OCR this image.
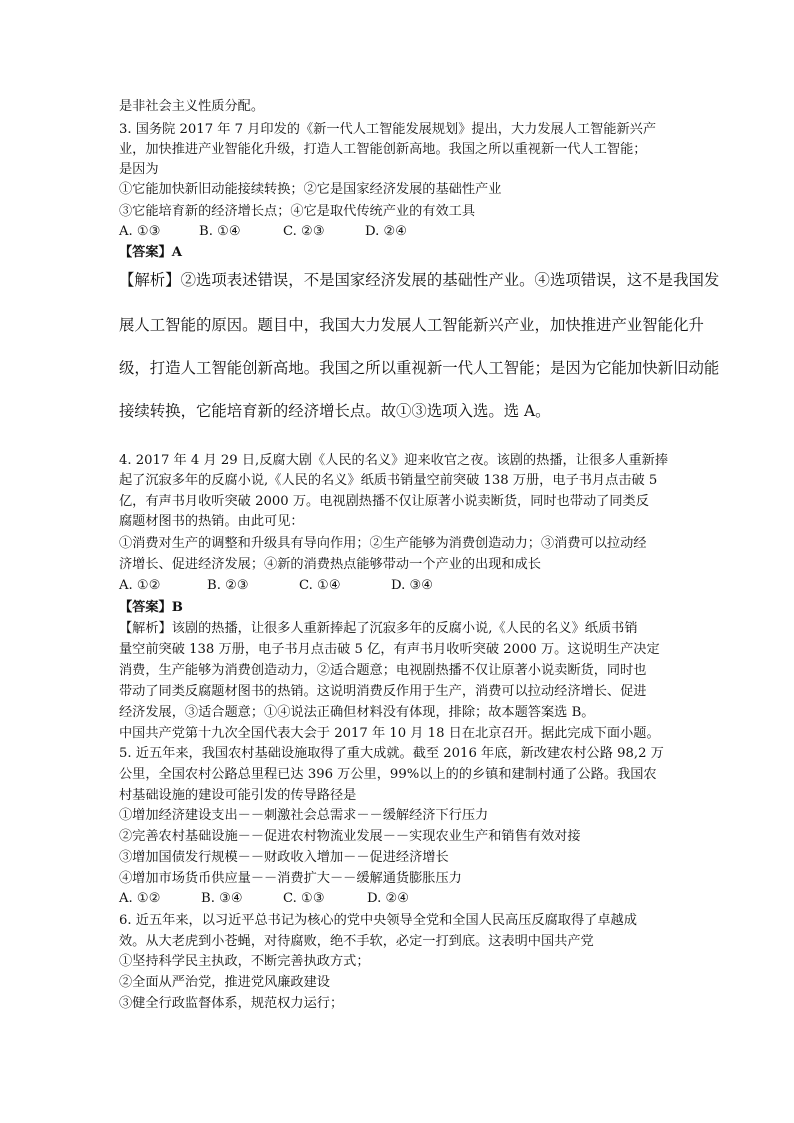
是非社会主义性质分配。
3. 国务院 2017 年 7 月印发的《新一代人工智能发展规划》提出，大力发展人工智能新兴产
业，加快推进产业智能化升级，打造人工智能创新高地。我国之所以重视新一代人工智能；
是因为
①它能加快新旧动能接续转换；②它是国家经济发展的基础性产业
③它能培育新的经济增长点；④它是取代传统产业的有效工具
A. ①③	B. ①④	C. ②③	D. ②④
【答案】A
【解析】②选项表述错误，不是国家经济发展的基础性产业。④选项错误，这不是我国发
展人工智能的原因。题目中，我国大力发展人工智能新兴产业，加快推进产业智能化升
级，打造人工智能创新高地。我国之所以重视新一代人工智能；是因为它能加快新旧动能
接续转换，它能培育新的经济增长点。故①③选项入选。选 A。
4. 2017 年 4 月 29 日,反腐大剧《人民的名义》迎来收官之夜。该剧的热播，让很多人重新捧
起了沉寂多年的反腐小说,《人民的名义》纸质书销量空前突破 138 万册，电子书月点击破 5
亿，有声书月收听突破 2000 万。电视剧热播不仅让原著小说卖断货，同时也带动了同类反
腐题材图书的热销。由此可见：
①消费对生产的调整和升级具有导向作用；②生产能够为消费创造动力；③消费可以拉动经
济增长、促进经济发展；④新的消费热点能够带动一个产业的出现和成长
A. ①②	B. ②③	C. ①④	D. ③④
【答案】B
【解析】该剧的热播，让很多人重新捧起了沉寂多年的反腐小说,《人民的名义》纸质书销
量空前突破 138 万册，电子书月点击破 5 亿，有声书月收听突破 2000 万。这说明生产决定
消费，生产能够为消费创造动力，②适合题意；电视剧热播不仅让原著小说卖断货，同时也
带动了同类反腐题材图书的热销。这说明消费反作用于生产，消费可以拉动经济增长、促进
经济发展，③适合题意；①④说法正确但材料没有体现，排除；故本题答案选 B。
中国共产党第十九次全国代表大会于 2017 年 10 月 18 日在北京召开。据此完成下面小题。
5. 近五年来，我国农村基础设施取得了重大成就。截至 2016 年底，新改建农村公路 98,2 万
公里，全国农村公路总里程已达 396 万公里，99%以上的的乡镇和建制村通了公路。我国农
村基础设施的建设可能引发的传导路径是
①增加经济建设支出－－刺激社会总需求－－缓解经济下行压力
②完善农村基础设施－－促进农村物流业发展－－实现农业生产和销售有效对接
③增加国债发行规模－－财政收入增加－－促进经济增长
④增加市场货币供应量－－消费扩大－－缓解通货膨胀压力
A. ①②	B. ③④	C. ①③	D. ②④
6. 近五年来，以习近平总书记为核心的党中央领导全党和全国人民高压反腐取得了卓越成
效。从大老虎到小苍蝇，对待腐败，绝不手软，必定一打到底。这表明中国共产党
①坚持科学民主执政，不断完善执政方式；
②全面从严治党，推进党风廉政建设
③健全行政监督体系，规范权力运行；
